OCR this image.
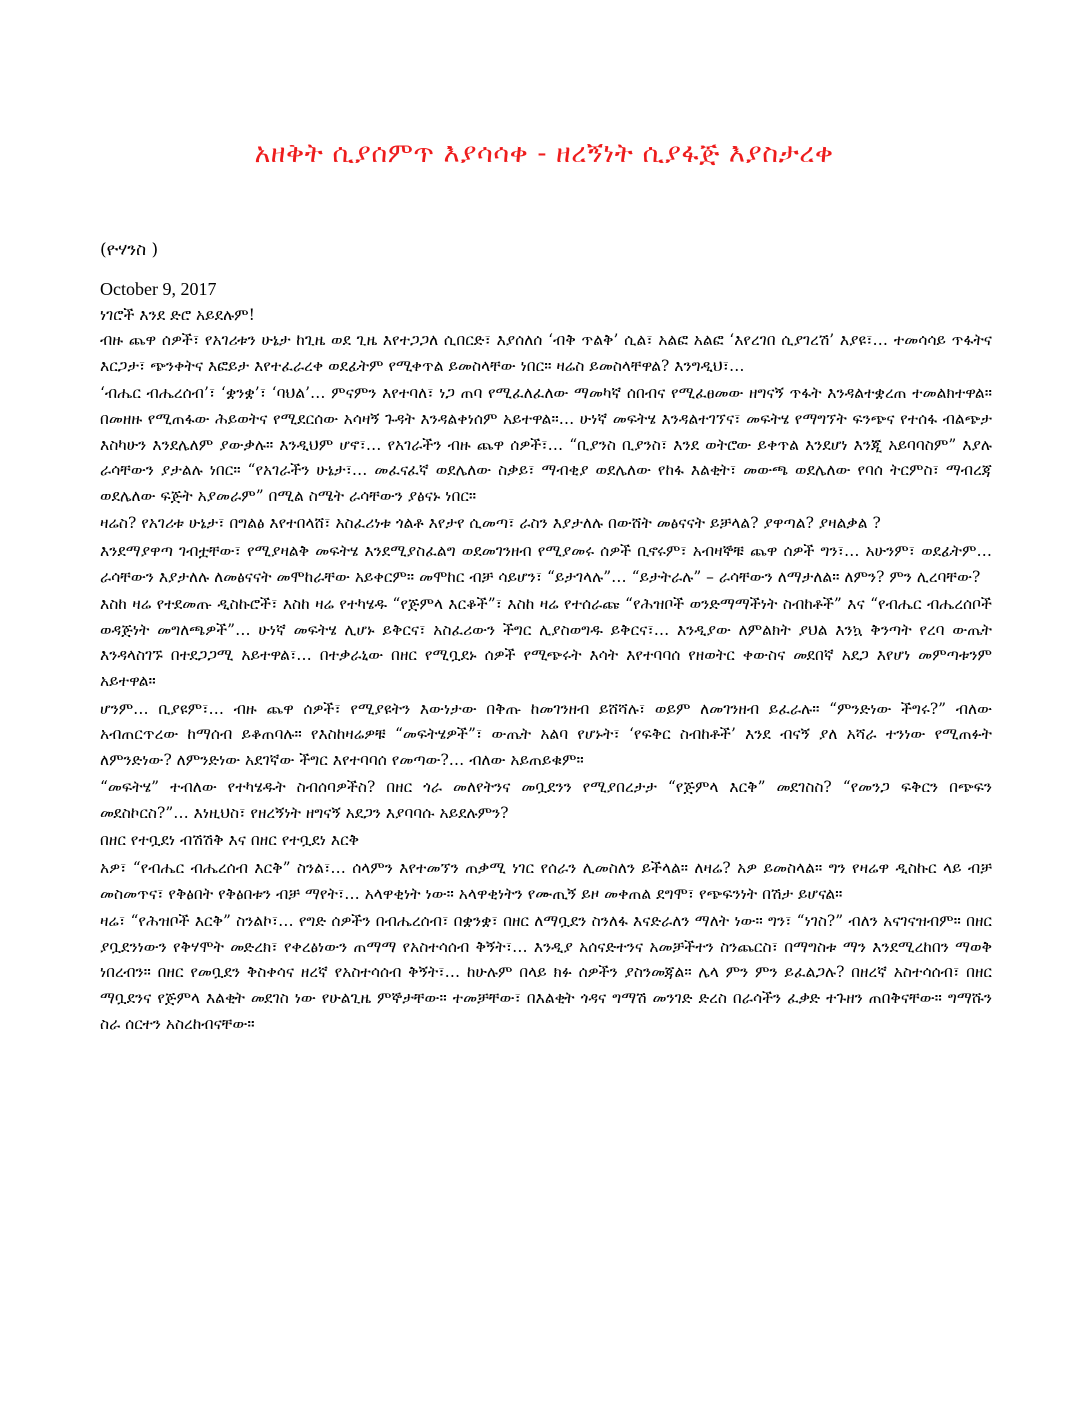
አዘቅት ሲያሰምጥ እያሳሳቀ - ዘረኝነት ሲያፋጅ እያስታረቀ
(ዮሃንስ )
October 9, 2017
ነገሮች እንደ ድሮ አይደሉም!

ብዙ ጨዋ ሰዎች፣ የአገሪቱን ሁኔታ ከጊዜ ወደ ጊዜ እየተጋጋለ ሲበርድ፣ እያሰለሰ ‘ብቅ ጥልቅ’ ሲል፣ አልፎ አልፎ ‘እየረገበ ሲያገረሽ’ እያዩ፣… ተመሳሳይ ጥፋትና እርጋታ፣ ጭንቀትና እፎይታ እየተፈራረቀ ወደፊትም የሚቀጥል ይመስላቸው ነበር። ዛሬስ ይመስላቸዋል? እንግዲህ፣…

‘ብሔር ብሔረሰብ’፣ ‘ቋንቋ’፣ ‘ባህል’… ምናምን እየተባለ፣ ነጋ ጠባ የሚፈለፈለው ማመካኛ ሰበብና የሚፈፀመው ዘግናኝ ጥፋት እንዳልተቋረጠ ተመልክተዋል። በመዘዙ የሚጠፋው ሕይወትና የሚደርሰው አሳዛኝ ጉዳት እንዳልቀነሰም አይተዋል።… ሁነኛ መፍትሄ እንዳልተገኘና፣ መፍትሄ የማግኘት ፍንጭና የተሰፋ ብልጭታ እስካሁን እንደሌለም ያውቃሉ። እንዲህም ሆኖ፣… የአገራችን ብዙ ጨዋ ሰዎች፣… “ቢያንስ ቢያንስ፣ እንደ ወትሮው ይቀጥል እንደሆነ እንጂ አይባባስም” እያሉ ራሳቸውን ያታልሉ ነበር። “የአገራችን ሁኔታ፣… መፈናፈኛ ወደሌለው ስቃይ፣ ማብቂያ ወደሌለው የከፋ እልቂት፣ መውጫ ወደሌለው የባሰ ትርምስ፣ ማብረጃ ወደሌለው ፍጅት አያመራም” በሚል ስሜት ራሳቸውን ያፅናኑ ነበር።

ዛሬስ? የአገሪቱ ሁኔታ፣ በግልፅ እየተበላሸ፣ አስፈሪነቱ ጎልቶ እየታየ ሲመጣ፣ ራስን እያታለሉ በውሸት መፅናናት ይቻላል? ያዋጣል? ያዛልቃል ?

እንደማያዋጣ ገብቷቸው፣ የሚያዛልቅ መፍትሄ እንደሚያስፈልግ ወደመገንዘብ የሚያመሩ ሰዎች ቢኖሩም፣ አብዛኞቹ ጨዋ ሰዎች ግን፣… አሁንም፣ ወደፊትም… ራሳቸውን እያታለሉ ለመፅናናት መሞከራቸው አይቀርም። መሞከር ብቻ ሳይሆን፣ “ይታገላሉ”… “ይታትራሉ” – ራሳቸውን ለማታለል። ለምን? ምን ሊረባቸው?

እስከ ዛሬ የተደመጡ ዲስኩሮች፣ እስከ ዛሬ የተካሄዱ “የጅምላ እርቆች”፣ እስከ ዛሬ የተሰራጩ “የሕዝቦች ወንድማማችነት ስብከቶች” እና “የብሔር ብሔረሰቦች ወዳጅነት መግለጫዎች”… ሁነኛ መፍትሄ ሊሆኑ ይቅርና፣ አስፈሪውን ችግር ሊያስወግዱ ይቅርና፣… እንዲያው ለምልክት ያህል እንኳ ቅንጣት የረባ ውጤት እንዳላስገኙ በተደጋጋሚ አይተዋል፣… በተቃራኒው በዘር የሚቧደኑ ሰዎች የሚጭሩት እሳት እየተባባሰ የዘወትር ቀውስና መደበኛ አደጋ እየሆነ መምጣቱንም አይተዋል።

ሆንም… ቢያዩም፣… ብዙ ጨዋ ሰዎች፣ የሚያዩትን እውነታው በቅጡ ከመገንዘብ ይሸሻሉ፣ ወይም ለመገንዘብ ይፈራሉ። “ምንድነው ችግሩ?” ብለው አብጠርጥረው ከማሰብ ይቆጠባሉ። የእስከዛሬዎቹ “መፍትሄዎች”፣ ውጤት አልባ የሆኑት፣ ‘የፍቅር ስብከቶች’ እንደ ብናኝ ያለ አሻራ ተንነው የሚጠፉት ለምንድነው? ለምንድነው አደገኛው ችግር እየተባባሰ የመጣው?… ብለው አይጠይቁም።

“መፍትሄ” ተብለው የተካሄዱት ስብሰባዎችስ? በዘር ጎራ መለየትንና መቧደንን የሚያበረታታ “የጅምላ እርቅ” መደገስስ? “የመንጋ ፍቅርን በጭፍን መደስኮርስ?”… እነዚህስ፣ የዘረኝነት ዘግናኝ አደጋን እያባባሱ አይደሉምን?

በዘር የተቧደነ ብሽሽቅ እና በዘር የተቧደነ እርቅ

አዎ፣ “የብሔር ብሔረሰብ እርቅ” ስንል፣… ሰላምን እየተመኘን ጠቃሚ ነገር የሰራን ሊመስለን ይችላል። ለዛሬ? አዎ ይመስላል። ግን የዛሬዋ ዲስኩር ላይ ብቻ መስመጥና፣ የቅፅበት የቅፅበቱን ብቻ ማየት፣… አላዋቂነት ነው። አላዋቂነትን የሙጢኝ ይዞ መቀጠል ደግሞ፣ የጭፍንነት በሽታ ይሆናል።

ዛሬ፣ “የሕዝቦች እርቅ” ስንልኮ፣… የግድ ሰዎችን በብሔረሰብ፣ በቋንቋ፣ በዘር ለማቧደን ስንለፋ እናድራለን ማለት ነው። ግን፣ “ነገስ?” ብለን አናገናዝብም። በዘር ያቧደንነውን የቅሃሞት መድረክ፣ የቀረፅነውን ጠማማ የአስተሳሰብ ቅኝት፣… እንዲያ አሰናድተንና አመቻችተን ስንጨርስ፣ በማግስቱ ማን እንደሚረከበን ማወቅ ነበረብን። በዘር የመቧደን ቅስቀሳና ዘረኛ የአስተሳሰብ ቅኝት፣… ከሁሉም በላይ ክፉ ሰዎችን ያስንመጃል። ሌላ ምን ምን ይፈልጋሉ? በዘረኛ አስተሳሰብ፣ በዘር ማቧደንና የጅምላ እልቂት መደገስ ነው የሁልጊዜ ምኞታቸው። ተመቻቸው፣ በእልቂት ጎዳና ግማሽ መንገድ ድረስ በራሳችን ፈቃድ ተጉዘን ጠበቅናቸው። ግማሹን ስራ ሰርተን አስረከብናቸው።
